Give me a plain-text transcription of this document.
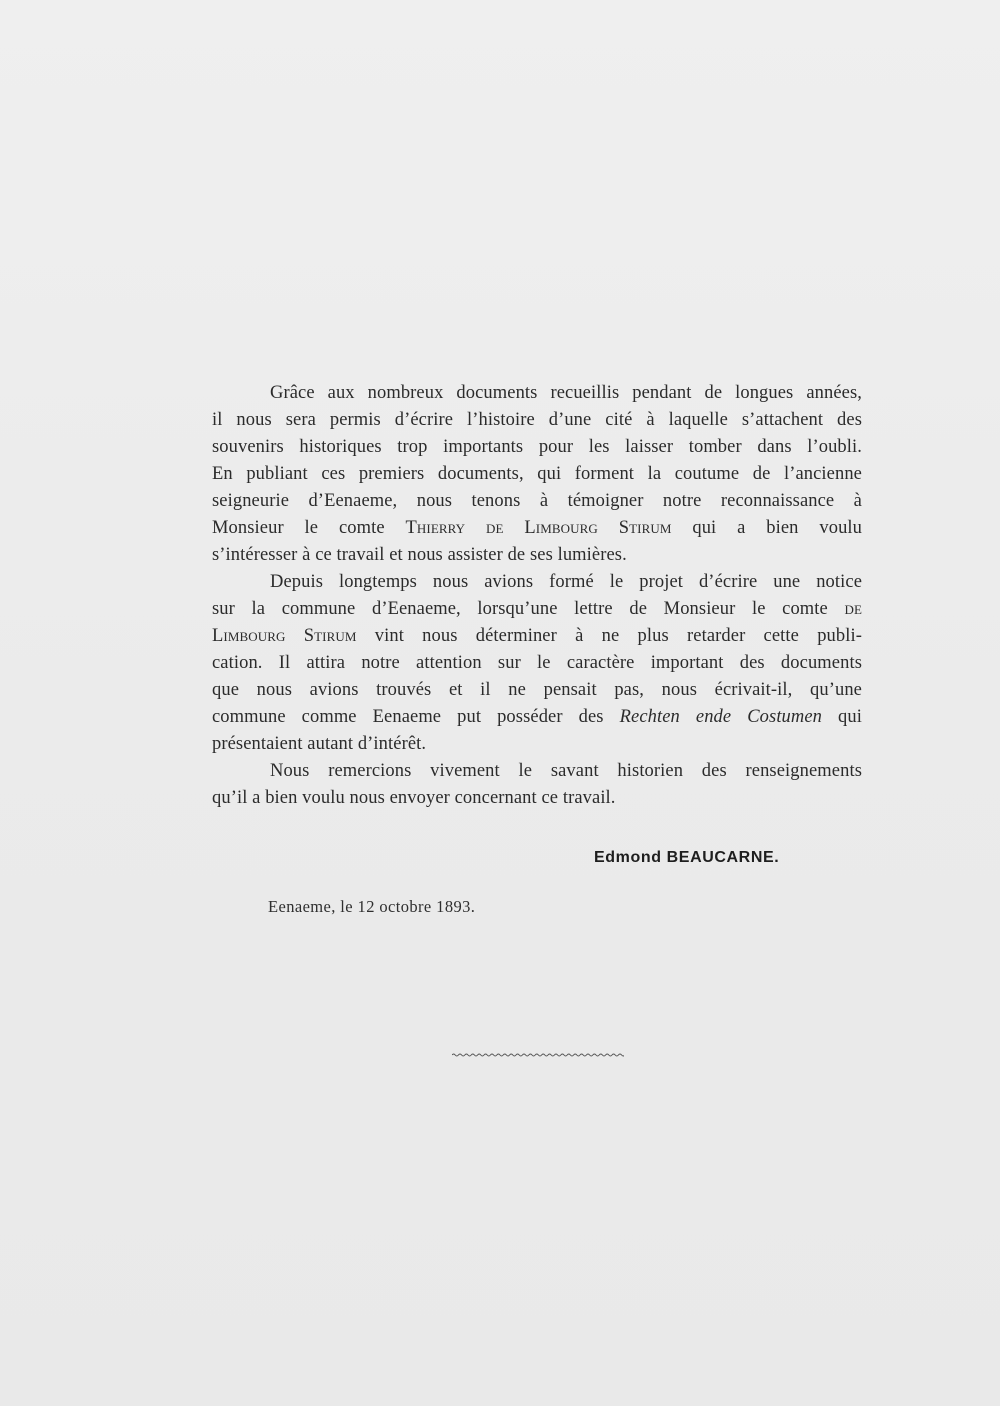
Grâce aux nombreux documents recueillis pendant de longues années,
il nous sera permis d’écrire l’histoire d’une cité à laquelle s’attachent des
souvenirs historiques trop importants pour les laisser tomber dans l’oubli.
En publiant ces premiers documents, qui forment la coutume de l’ancienne
seigneurie d’Eenaeme, nous tenons à témoigner notre reconnaissance à
Monsieur le comte Thierry de Limbourg Stirum qui a bien voulu
s’intéresser à ce travail et nous assister de ses lumières.
Depuis longtemps nous avions formé le projet d’écrire une notice
sur la commune d’Eenaeme, lorsqu’une lettre de Monsieur le comte de
Limbourg Stirum vint nous déterminer à ne plus retarder cette publi-
cation. Il attira notre attention sur le caractère important des documents
que nous avions trouvés et il ne pensait pas, nous écrivait-il, qu’une
commune comme Eenaeme put posséder des Rechten ende Costumen qui
présentaient autant d’intérêt.
Nous remercions vivement le savant historien des renseignements
qu’il a bien voulu nous envoyer concernant ce travail.
Edmond BEAUCARNE.
Eenaeme, le 12 octobre 1893.
